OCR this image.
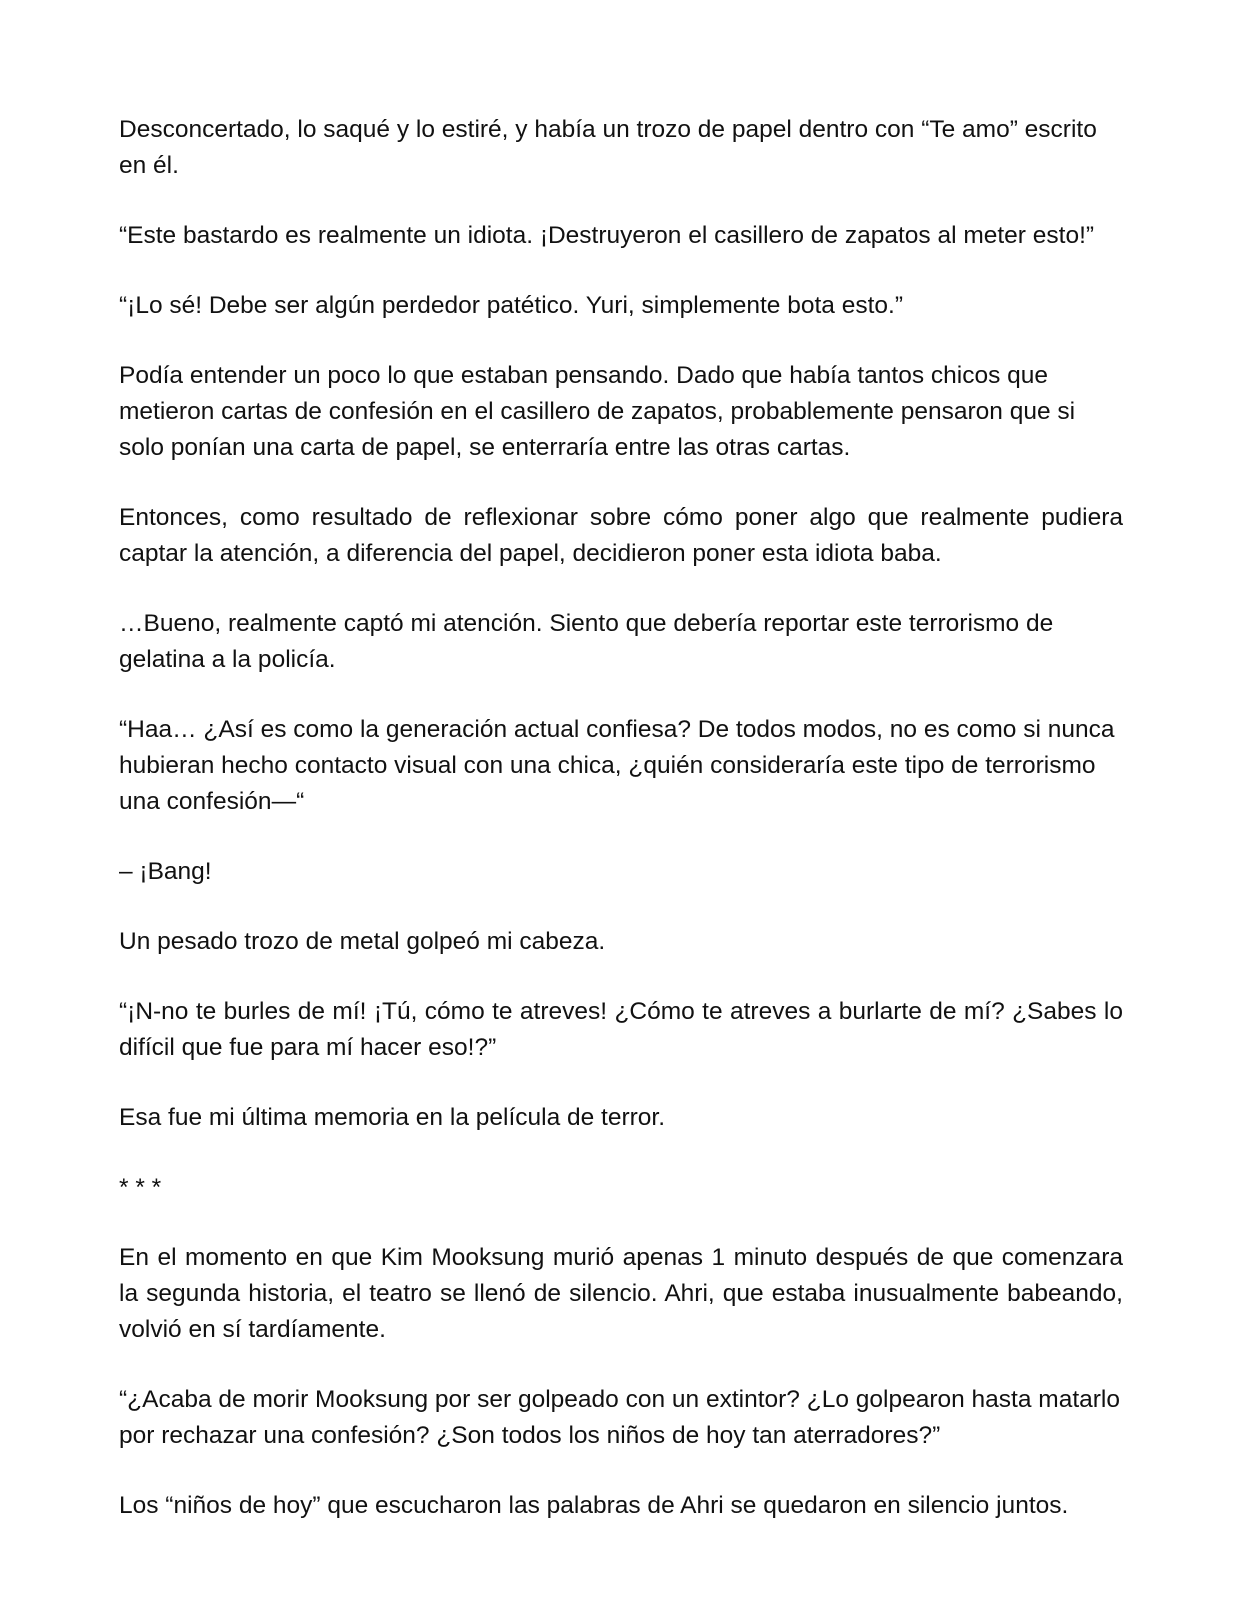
Desconcertado, lo saqué y lo estiré, y había un trozo de papel dentro con “Te amo” escrito en él.

“Este bastardo es realmente un idiota. ¡Destruyeron el casillero de zapatos al meter esto!”

“¡Lo sé! Debe ser algún perdedor patético. Yuri, simplemente bota esto.”

Podía entender un poco lo que estaban pensando. Dado que había tantos chicos que metieron cartas de confesión en el casillero de zapatos, probablemente pensaron que si solo ponían una carta de papel, se enterraría entre las otras cartas.

Entonces, como resultado de reflexionar sobre cómo poner algo que realmente pudiera captar la atención, a diferencia del papel, decidieron poner esta idiota baba.

…Bueno, realmente captó mi atención. Siento que debería reportar este terrorismo de gelatina a la policía.

“Haa… ¿Así es como la generación actual confiesa? De todos modos, no es como si nunca hubieran hecho contacto visual con una chica, ¿quién consideraría este tipo de terrorismo una confesión—“

– ¡Bang!

Un pesado trozo de metal golpeó mi cabeza.

“¡N-no te burles de mí! ¡Tú, cómo te atreves! ¿Cómo te atreves a burlarte de mí? ¿Sabes lo difícil que fue para mí hacer eso!?”

Esa fue mi última memoria en la película de terror.

* * *

En el momento en que Kim Mooksung murió apenas 1 minuto después de que comenzara la segunda historia, el teatro se llenó de silencio. Ahri, que estaba inusualmente babeando, volvió en sí tardíamente.

“¿Acaba de morir Mooksung por ser golpeado con un extintor? ¿Lo golpearon hasta matarlo por rechazar una confesión? ¿Son todos los niños de hoy tan aterradores?”

Los “niños de hoy” que escucharon las palabras de Ahri se quedaron en silencio juntos.
